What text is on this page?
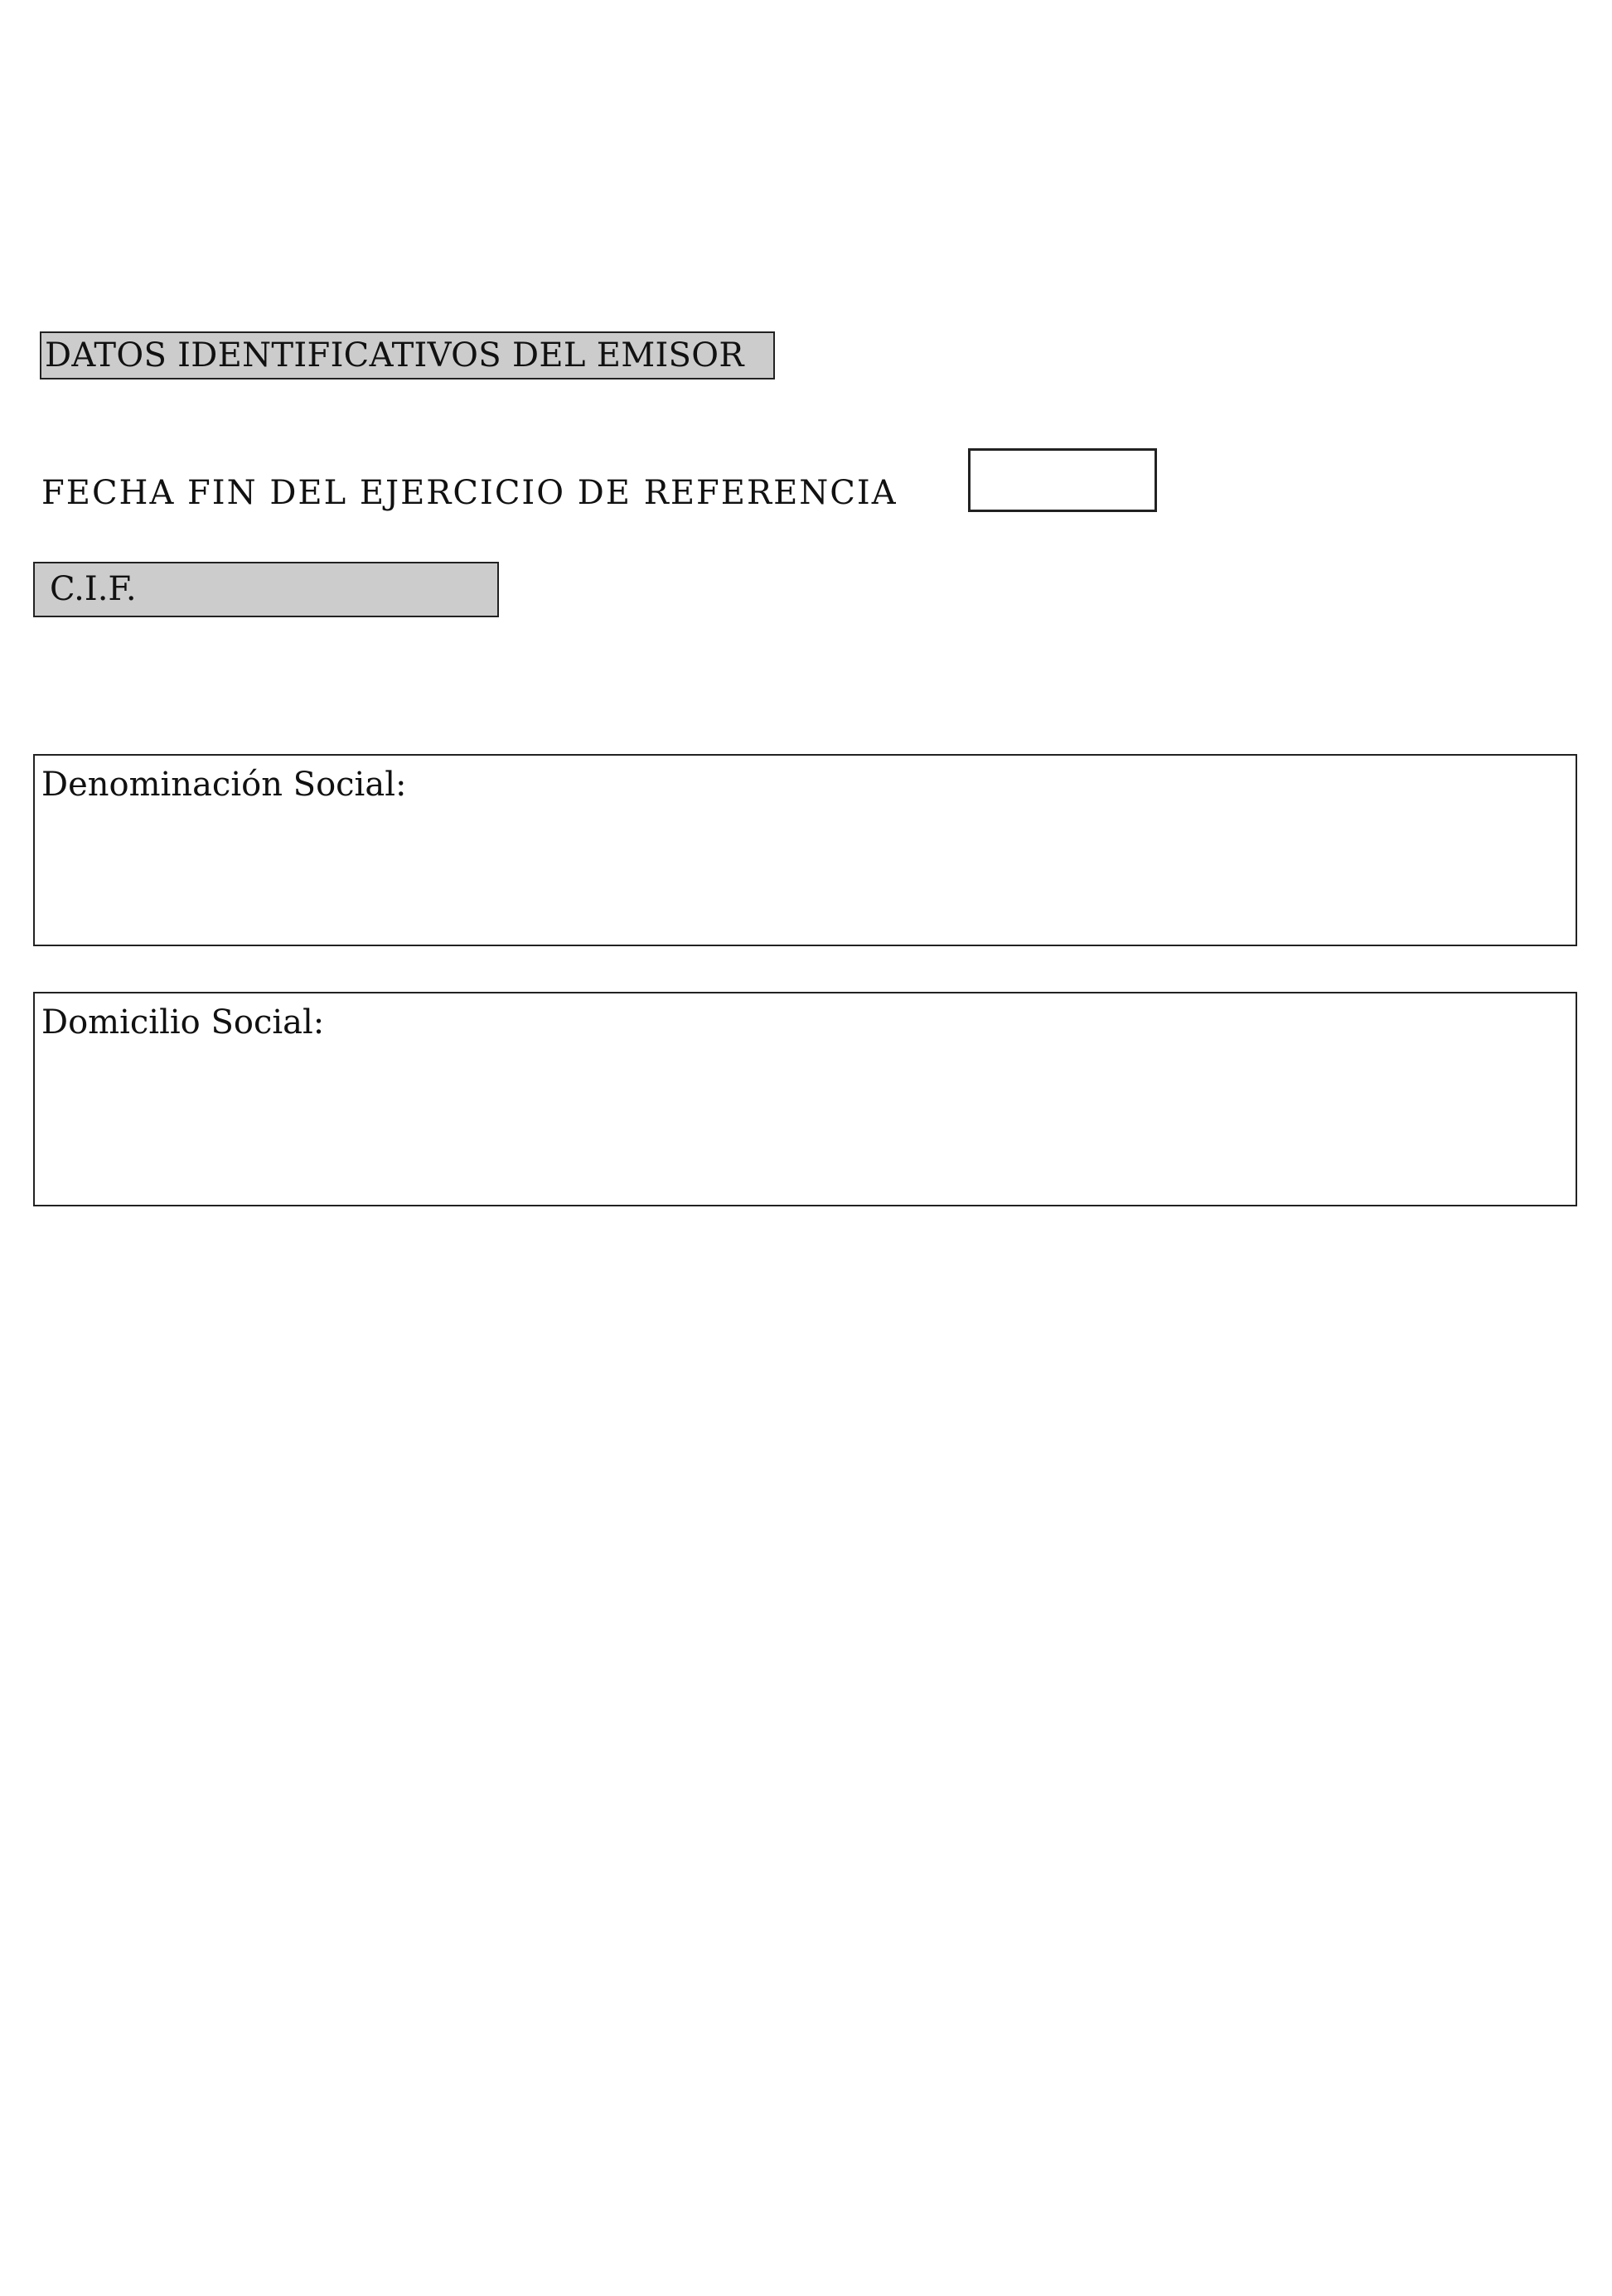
DATOS IDENTIFICATIVOS DEL EMISOR
FECHA FIN DEL EJERCICIO DE REFERENCIA
C.I.F.
Denominación Social:
Domicilio Social:
